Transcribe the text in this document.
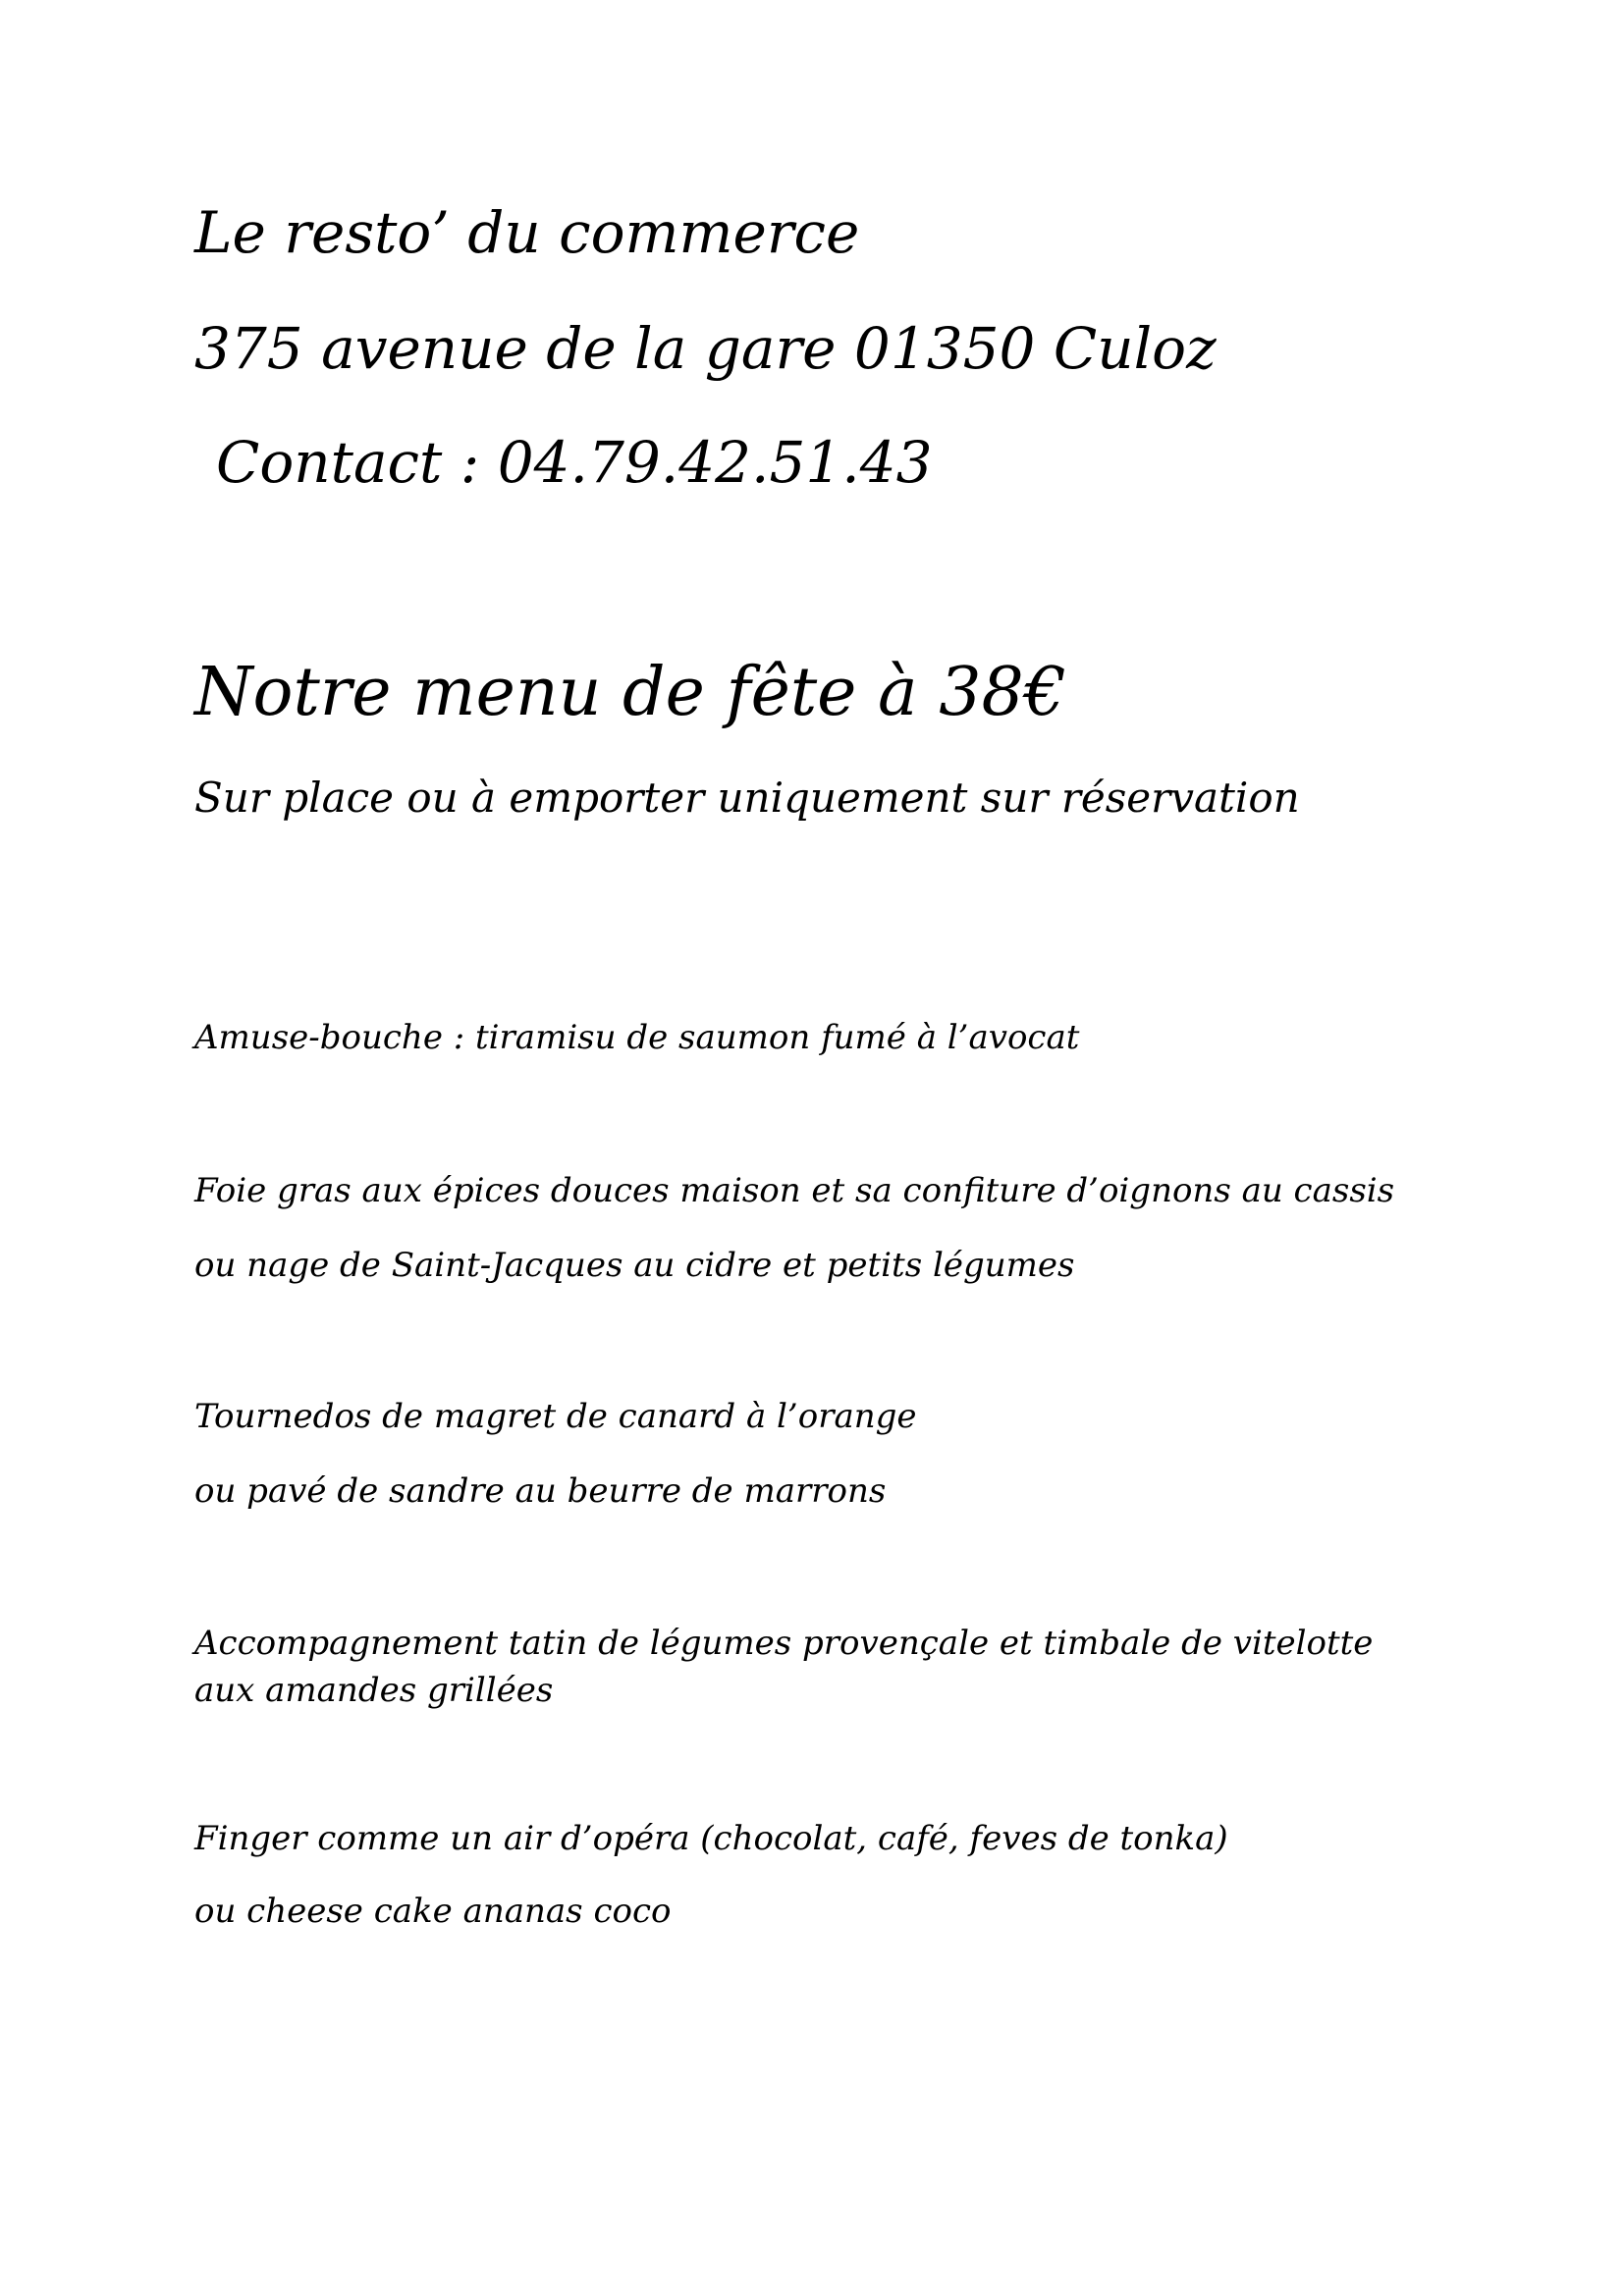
Le resto’ du commerce

375 avenue de la gare 01350 Culoz

Contact : 04.79.42.51.43

Notre menu de fête à 38€

Sur place ou à emporter uniquement sur réservation

Amuse-bouche : tiramisu de saumon fumé à l’avocat

Foie gras aux épices douces maison et sa confiture d’oignons au cassis

ou nage de Saint-Jacques au cidre et petits légumes

Tournedos de magret de canard à l’orange

ou pavé de sandre au beurre de marrons

Accompagnement tatin de légumes provençale et timbale de vitelotte aux amandes grillées

Finger comme un air d’opéra (chocolat, café, feves de tonka)

ou cheese cake ananas coco
